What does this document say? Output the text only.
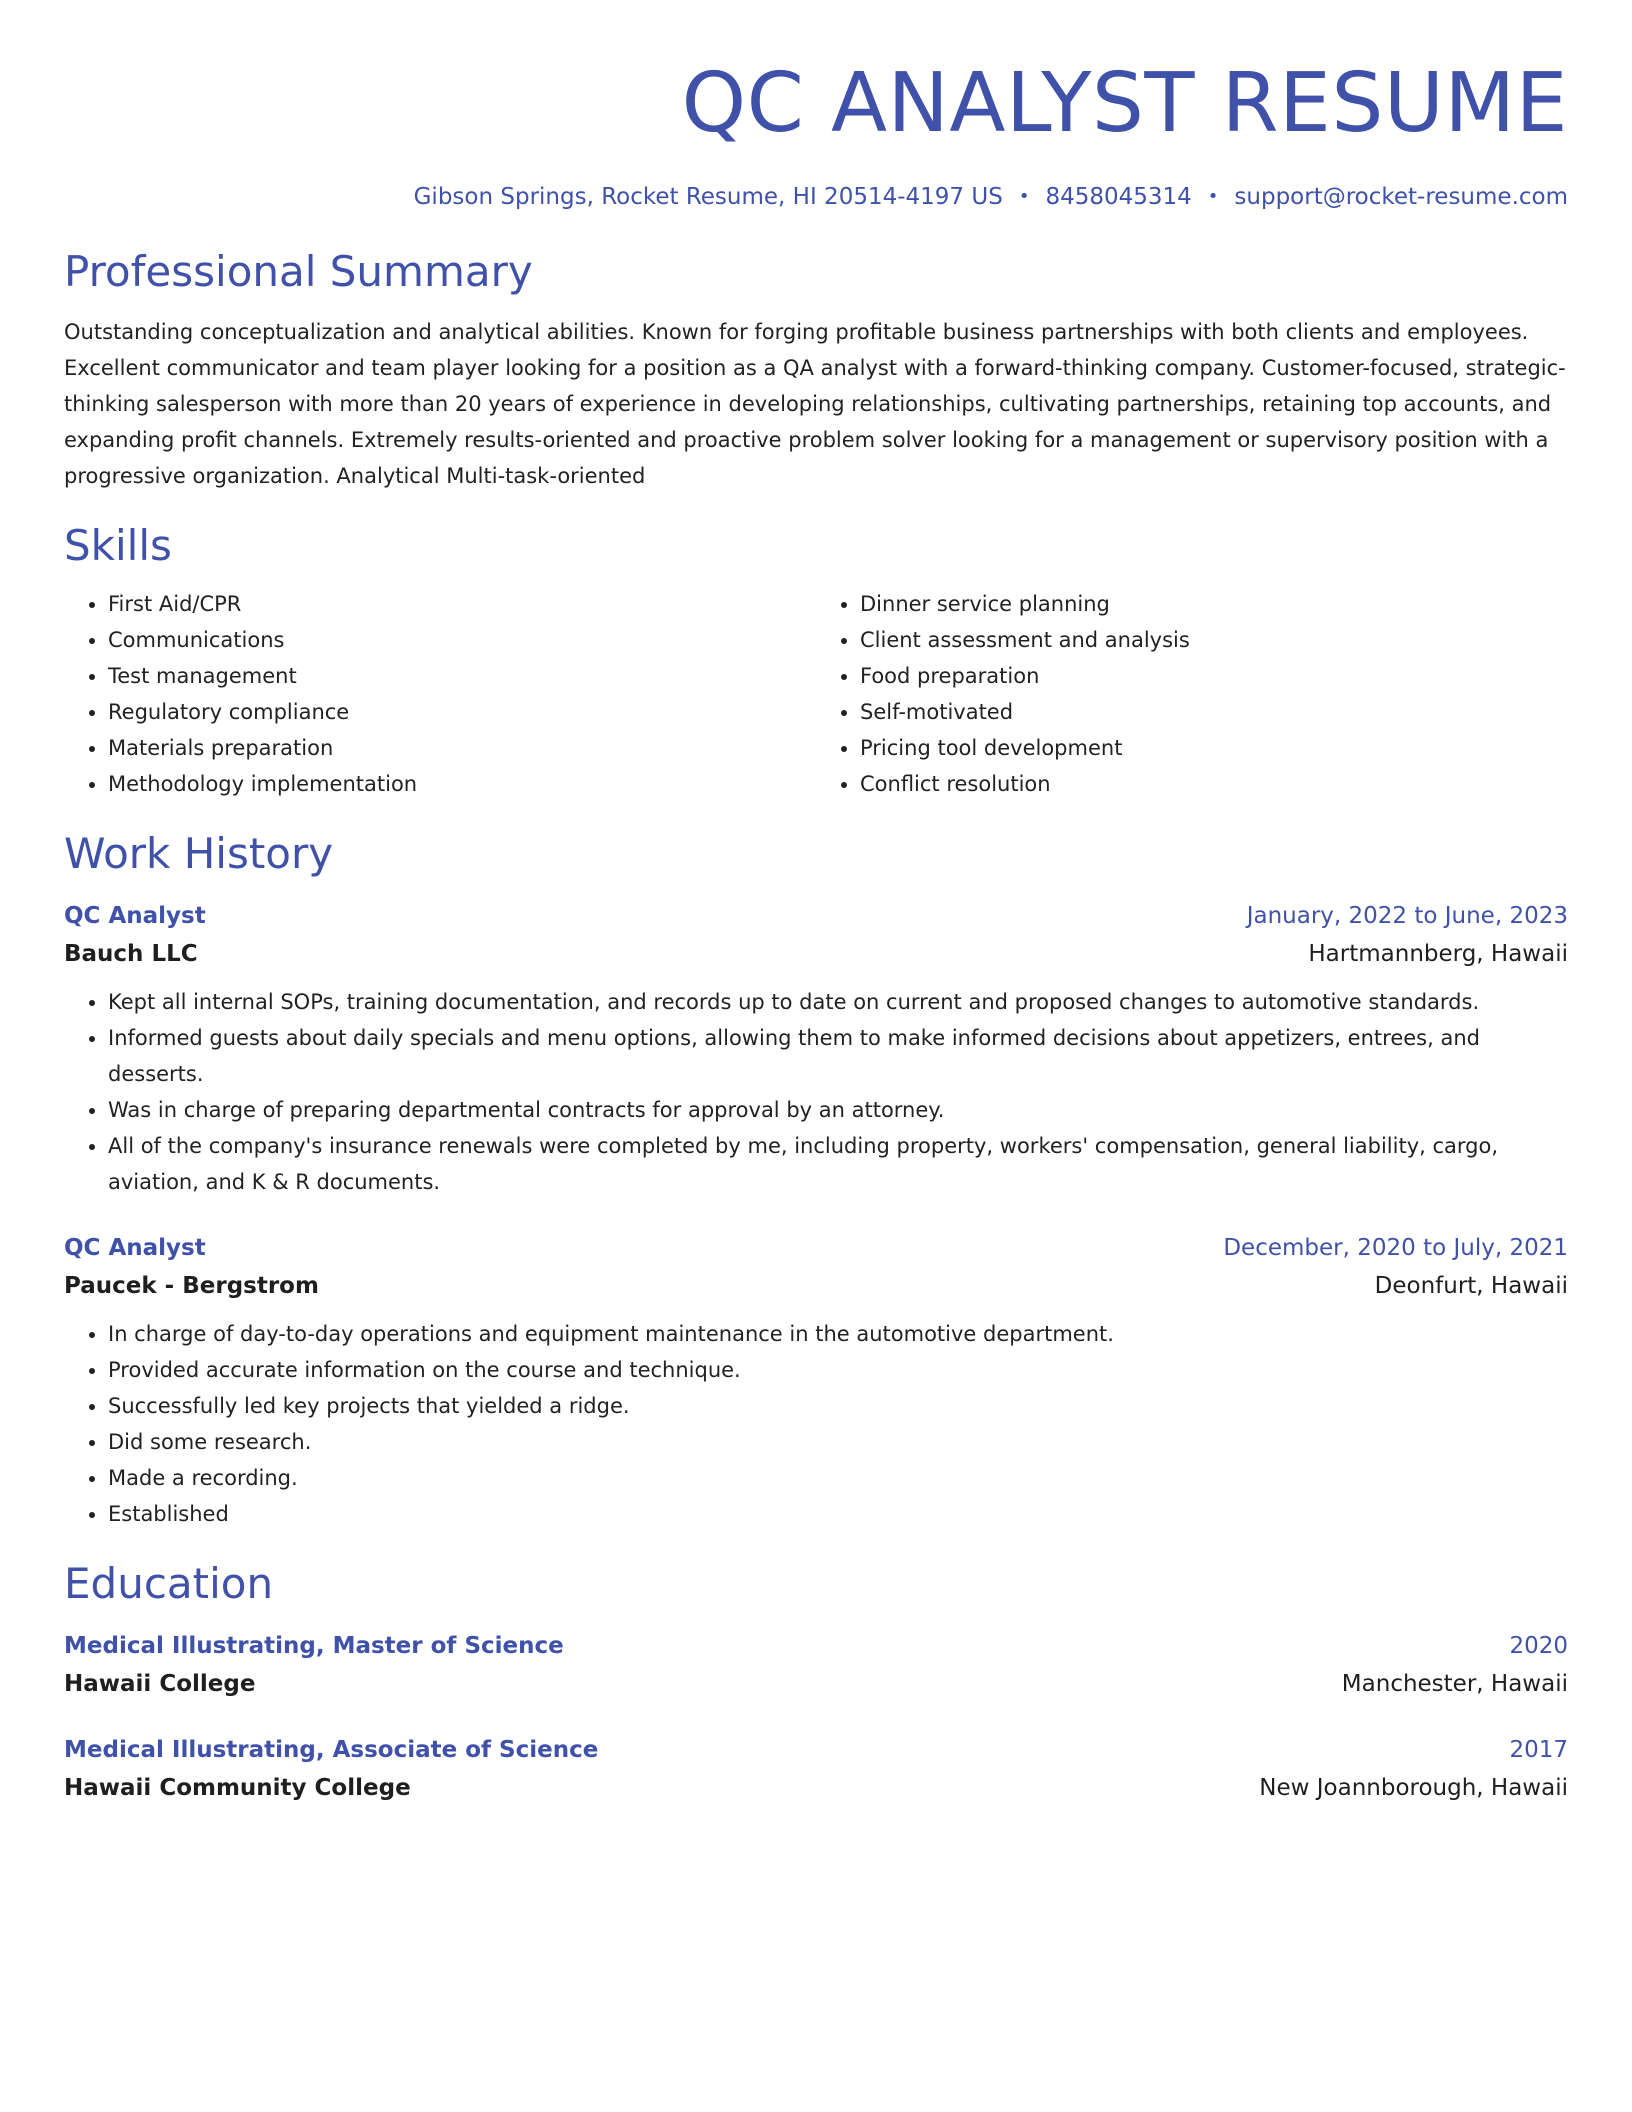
QC ANALYST RESUME
Gibson Springs, Rocket Resume, HI 20514-4197 US • 8458045314 • support@rocket-resume.com
Professional Summary

Outstanding conceptualization and analytical abilities. Known for forging profitable business partnerships with both clients and employees. Excellent communicator and team player looking for a position as a QA analyst with a forward-thinking company. Customer-focused, strategic-thinking salesperson with more than 20 years of experience in developing relationships, cultivating partnerships, retaining top accounts, and expanding profit channels. Extremely results-oriented and proactive problem solver looking for a management or supervisory position with a progressive organization. Analytical Multi-task-oriented

Skills
• First Aid/CPR
• Communications
• Test management
• Regulatory compliance
• Materials preparation
• Methodology implementation
• Dinner service planning
• Client assessment and analysis
• Food preparation
• Self-motivated
• Pricing tool development
• Conflict resolution
Work History
QC Analyst	January, 2022 to June, 2023
Bauch LLC	Hartmannberg, Hawaii
• Kept all internal SOPs, training documentation, and records up to date on current and proposed changes to automotive standards.
• Informed guests about daily specials and menu options, allowing them to make informed decisions about appetizers, entrees, and desserts.
• Was in charge of preparing departmental contracts for approval by an attorney.
• All of the company's insurance renewals were completed by me, including property, workers' compensation, general liability, cargo, aviation, and K & R documents.
QC Analyst	December, 2020 to July, 2021
Paucek - Bergstrom	Deonfurt, Hawaii
• In charge of day-to-day operations and equipment maintenance in the automotive department.
• Provided accurate information on the course and technique.
• Successfully led key projects that yielded a ridge.
• Did some research.
• Made a recording.
• Established
Education
Medical Illustrating, Master of Science	2020
Hawaii College	Manchester, Hawaii
Medical Illustrating, Associate of Science	2017
Hawaii Community College	New Joannborough, Hawaii
